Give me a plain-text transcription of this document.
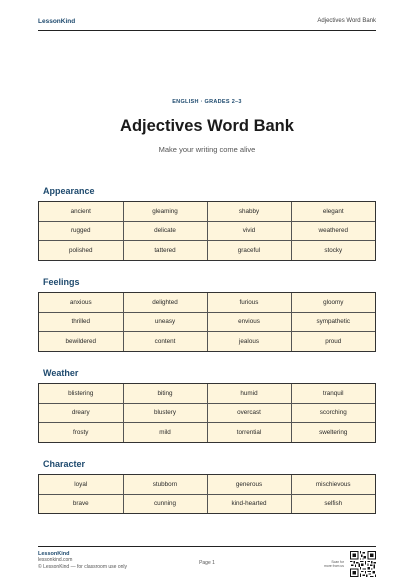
LessonKind	Adjectives Word Bank
ENGLISH · GRADES 2–3
Adjectives Word Bank
Make your writing come alive
Appearance
ancient	gleaming	shabby	elegant
rugged	delicate	vivid	weathered
polished	tattered	graceful	stocky
Feelings
anxious	delighted	furious	gloomy
thrilled	uneasy	envious	sympathetic
bewildered	content	jealous	proud
Weather
blistering	biting	humid	tranquil
dreary	blustery	overcast	scorching
frosty	mild	torrential	sweltering
Character
loyal	stubborn	generous	mischievous
brave	cunning	kind-hearted	selfish
LessonKind
lessonkind.com
© LessonKind — for classroom use only
Page 1	Scan for
more from us
